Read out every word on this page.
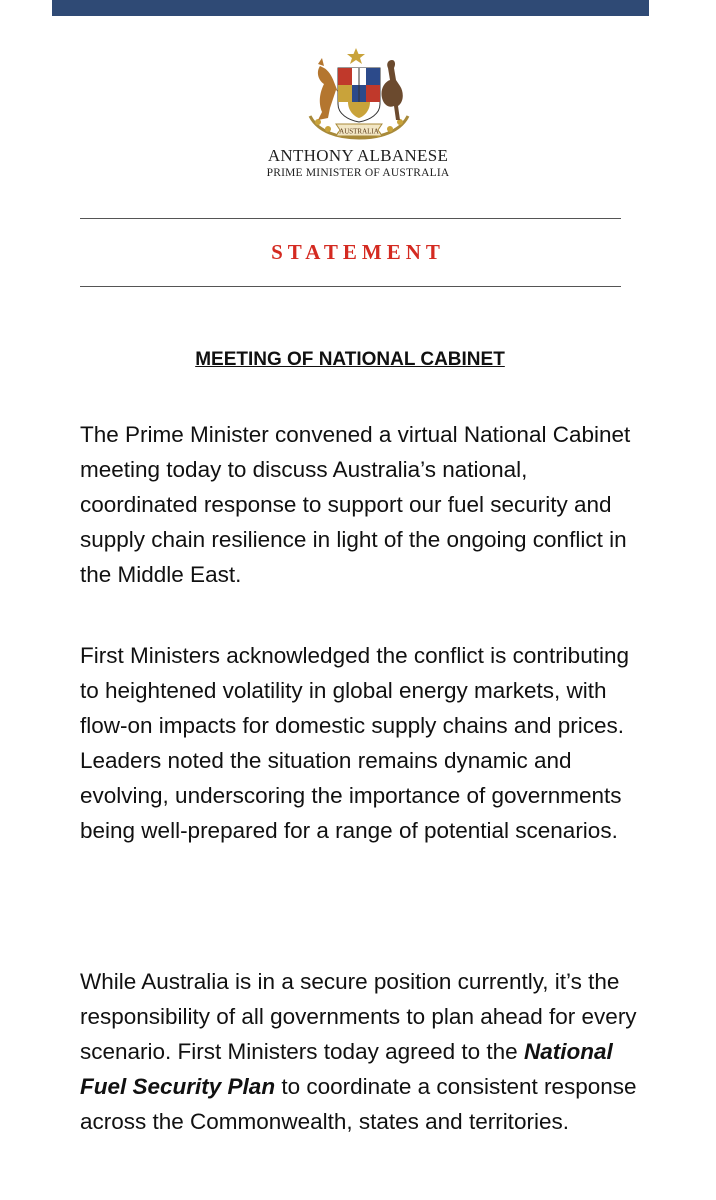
AUSTRALIA
ANTHONY ALBANESE
PRIME MINISTER OF AUSTRALIA
STATEMENT
MEETING OF NATIONAL CABINET

The Prime Minister convened a virtual National Cabinet meeting today to discuss Australia’s national, coordinated response to support our fuel security and supply chain resilience in light of the ongoing conflict in the Middle East.

First Ministers acknowledged the conflict is contributing to heightened volatility in global energy markets, with flow-on impacts for domestic supply chains and prices. Leaders noted the situation remains dynamic and evolving, underscoring the importance of governments being well-prepared for a range of potential scenarios.

While Australia is in a secure position currently, it’s the responsibility of all governments to plan ahead for every scenario. First Ministers today agreed to the National Fuel Security Plan to coordinate a consistent response across the Commonwealth, states and territories.
